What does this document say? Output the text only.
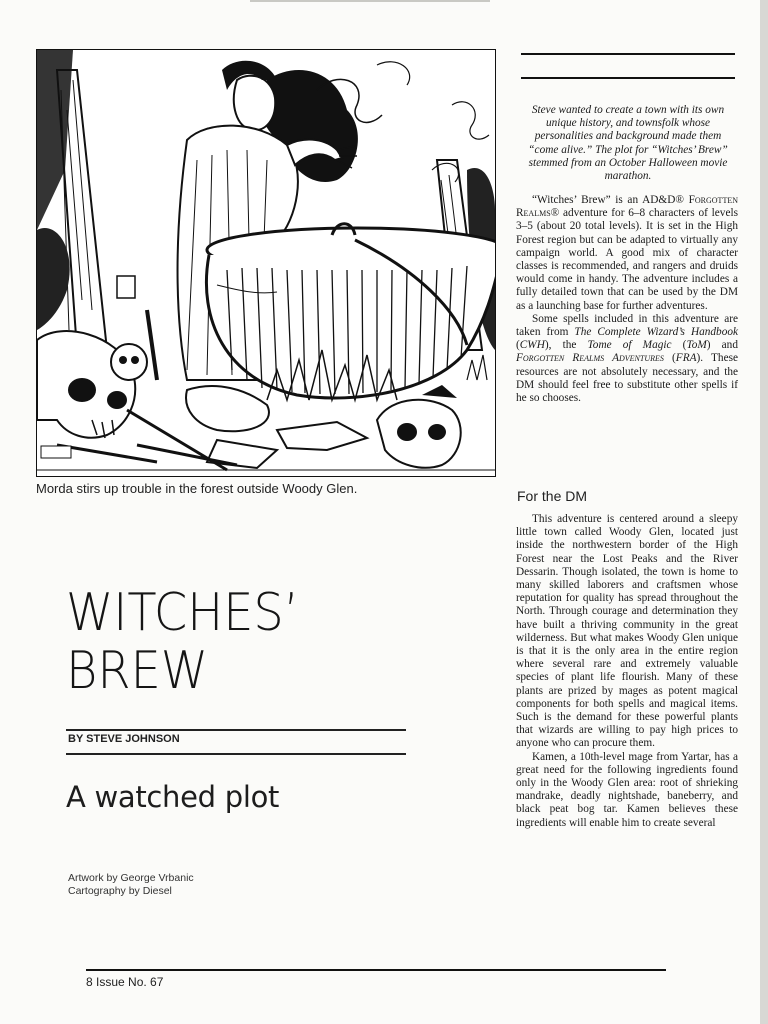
Morda stirs up trouble in the forest outside Woody Glen.
Steve wanted to create a town with its own unique history, and townsfolk whose personalities and background made them “come alive.” The plot for “Witches’ Brew” stemmed from an October Halloween movie marathon.

“Witches’ Brew” is an AD&D® Forgotten Realms® adventure for 6–8 characters of levels 3–5 (about 20 total levels). It is set in the High Forest region but can be adapted to virtually any campaign world. A good mix of character classes is recommended, and rangers and druids would come in handy. The adventure includes a fully detailed town that can be used by the DM as a launching base for further adventures.

Some spells included in this adventure are taken from The Complete Wizard’s Handbook (CWH), the Tome of Magic (ToM) and Forgotten Realms Adventures (FRA). These resources are not absolutely necessary, and the DM should feel free to substitute other spells if he so chooses.

For the DM

This adventure is centered around a sleepy little town called Woody Glen, located just inside the northwestern border of the High Forest near the Lost Peaks and the River Dessarin. Though isolated, the town is home to many skilled laborers and craftsmen whose reputation for quality has spread throughout the North. Through courage and determination they have built a thriving community in the great wilderness. But what makes Woody Glen unique is that it is the only area in the entire region where several rare and extremely valuable species of plant life flourish. Many of these plants are prized by mages as potent magical components for both spells and magical items. Such is the demand for these powerful plants that wizards are willing to pay high prices to anyone who can procure them.

Kamen, a 10th-level mage from Yartar, has a great need for the following ingredients found only in the Woody Glen area: root of shrieking mandrake, deadly nightshade, baneberry, and black peat bog tar. Kamen believes these ingredients will enable him to create several

WITCHES’
BREW
BY STEVE JOHNSON
A watched plot
Artwork by George Vrbanic
Cartography by Diesel
8 Issue No. 67
